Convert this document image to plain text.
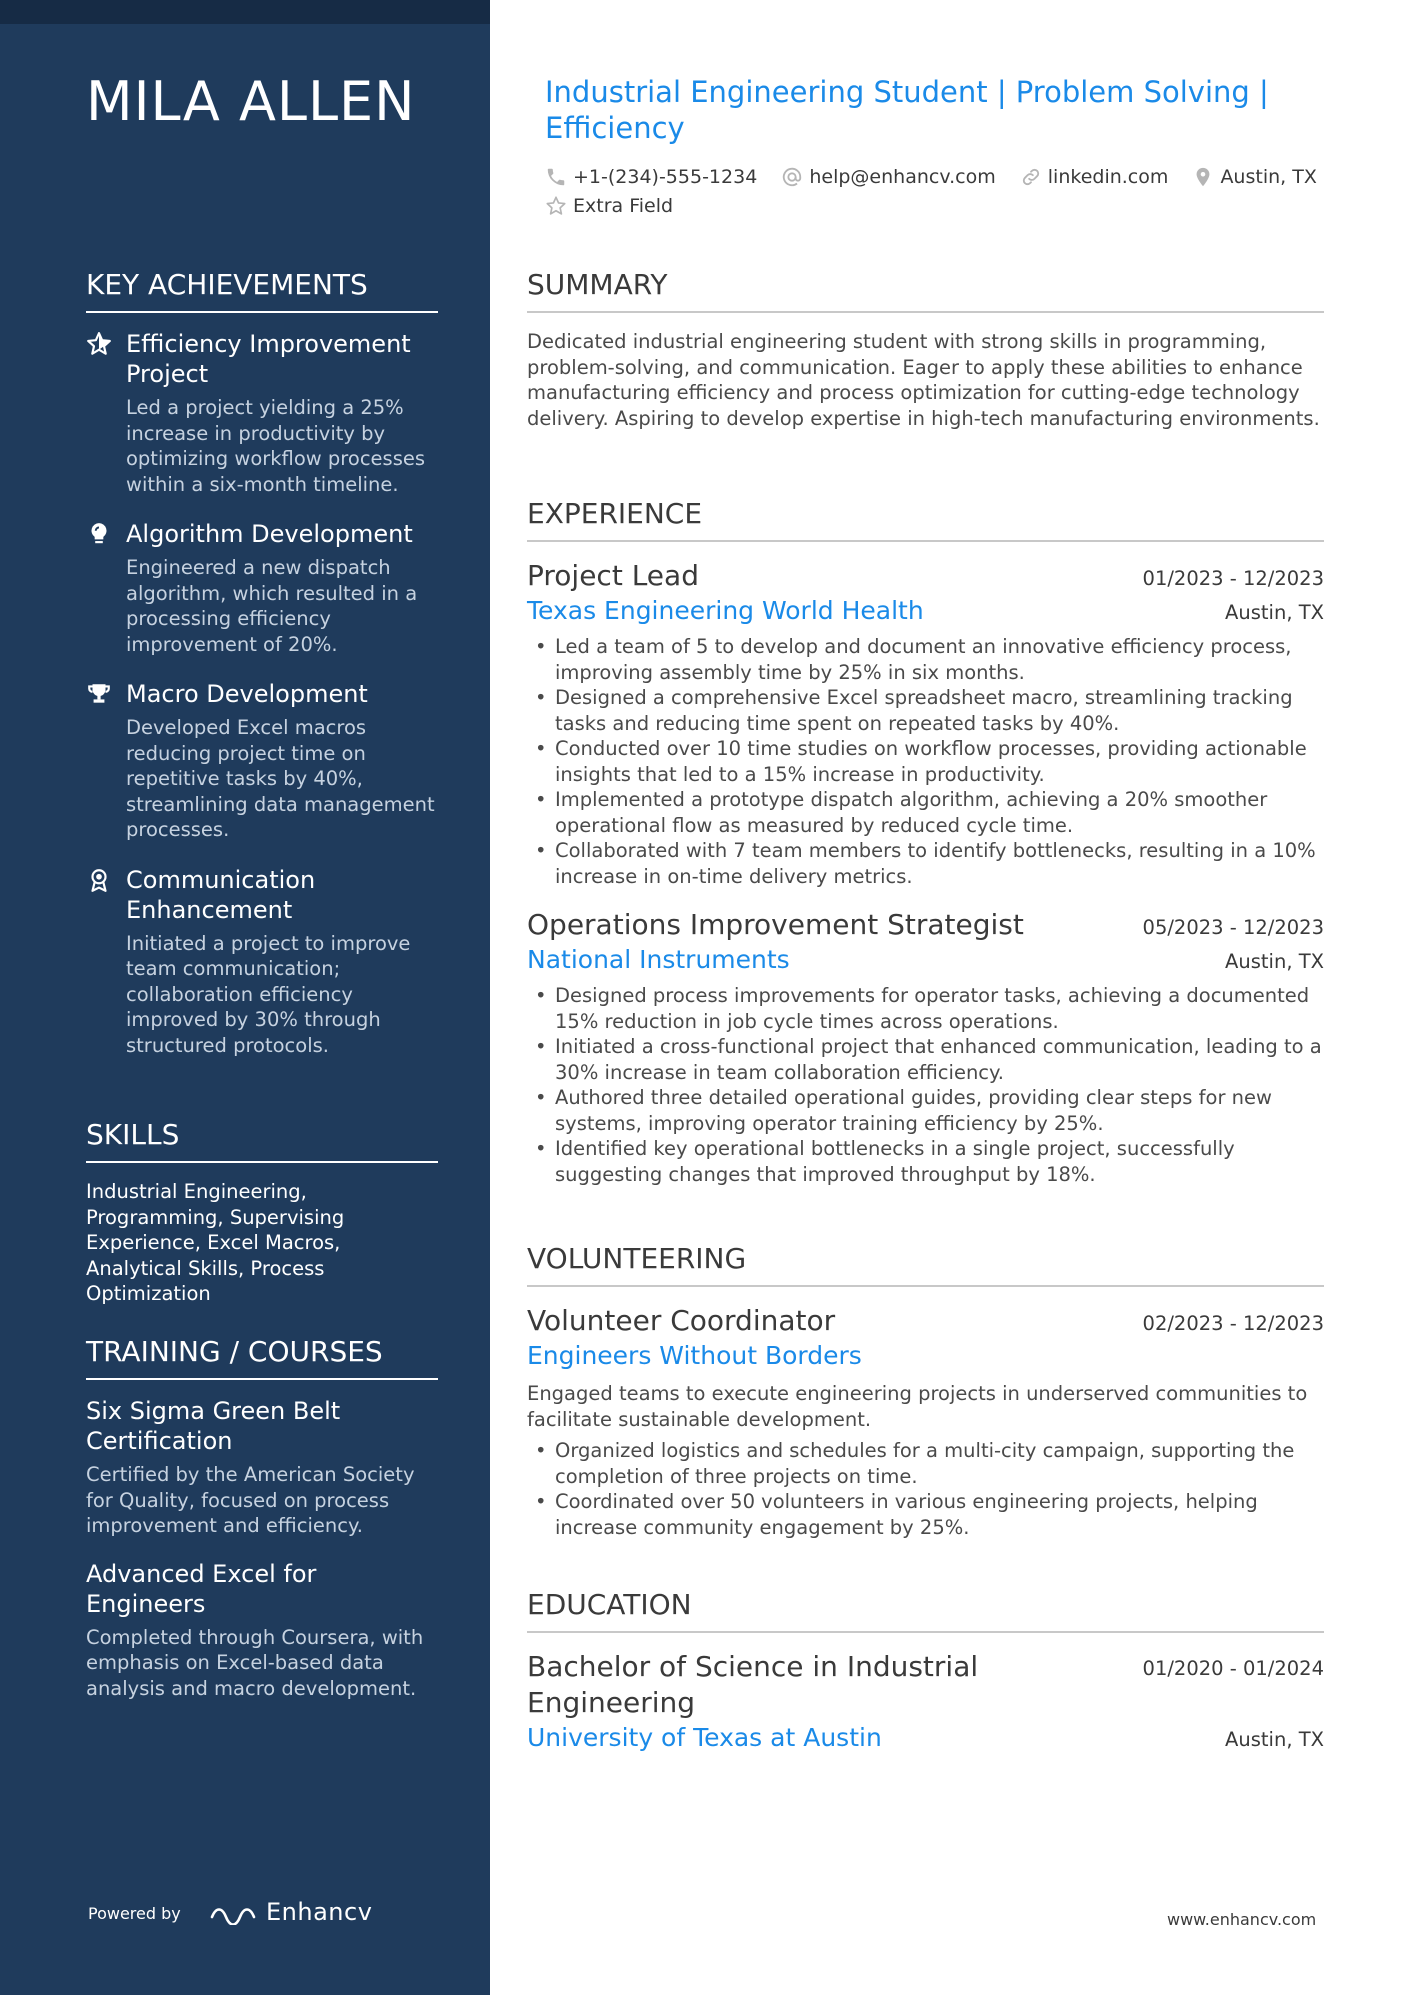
MILA ALLEN
KEY ACHIEVEMENTS
Efficiency Improvement Project
Led a project yielding a 25% increase in productivity by optimizing workflow processes within a six-month timeline.
Algorithm Development
Engineered a new dispatch algorithm, which resulted in a processing efficiency improvement of 20%.
Macro Development
Developed Excel macros reducing project time on repetitive tasks by 40%, streamlining data management processes.
Communication Enhancement
Initiated a project to improve team communication; collaboration efficiency improved by 30% through structured protocols.
SKILLS
Industrial Engineering, Programming, Supervising Experience, Excel Macros, Analytical Skills, Process Optimization
TRAINING / COURSES
Six Sigma Green Belt Certification
Certified by the American Society for Quality, focused on process improvement and efficiency.
Advanced Excel for Engineers
Completed through Coursera, with emphasis on Excel-based data analysis and macro development.
Powered by	Enhancv
Industrial Engineering Student | Problem Solving | Efficiency
+1-(234)-555-1234
	help@enhancv.com
	linkedin.com
	Austin, TX

Extra Field
SUMMARY
Dedicated industrial engineering student with strong skills in programming, problem-solving, and communication. Eager to apply these abilities to enhance manufacturing efficiency and process optimization for cutting-edge technology delivery. Aspiring to develop expertise in high-tech manufacturing environments.
EXPERIENCE
Project Lead	01/2023 - 12/2023
Texas Engineering World Health	Austin, TX
• Led a team of 5 to develop and document an innovative efficiency process, improving assembly time by 25% in six months.
• Designed a comprehensive Excel spreadsheet macro, streamlining tracking tasks and reducing time spent on repeated tasks by 40%.
• Conducted over 10 time studies on workflow processes, providing actionable insights that led to a 15% increase in productivity.
• Implemented a prototype dispatch algorithm, achieving a 20% smoother operational flow as measured by reduced cycle time.
• Collaborated with 7 team members to identify bottlenecks, resulting in a 10% increase in on-time delivery metrics.
Operations Improvement Strategist	05/2023 - 12/2023
National Instruments	Austin, TX
• Designed process improvements for operator tasks, achieving a documented 15% reduction in job cycle times across operations.
• Initiated a cross-functional project that enhanced communication, leading to a 30% increase in team collaboration efficiency.
• Authored three detailed operational guides, providing clear steps for new systems, improving operator training efficiency by 25%.
• Identified key operational bottlenecks in a single project, successfully suggesting changes that improved throughput by 18%.
VOLUNTEERING
Volunteer Coordinator	02/2023 - 12/2023
Engineers Without Borders
Engaged teams to execute engineering projects in underserved communities to facilitate sustainable development.
• Organized logistics and schedules for a multi-city campaign, supporting the completion of three projects on time.
• Coordinated over 50 volunteers in various engineering projects, helping increase community engagement by 25%.
EDUCATION
Bachelor of Science in Industrial Engineering
01/2020 - 01/2024
University of Texas at Austin	Austin, TX
www.enhancv.com
